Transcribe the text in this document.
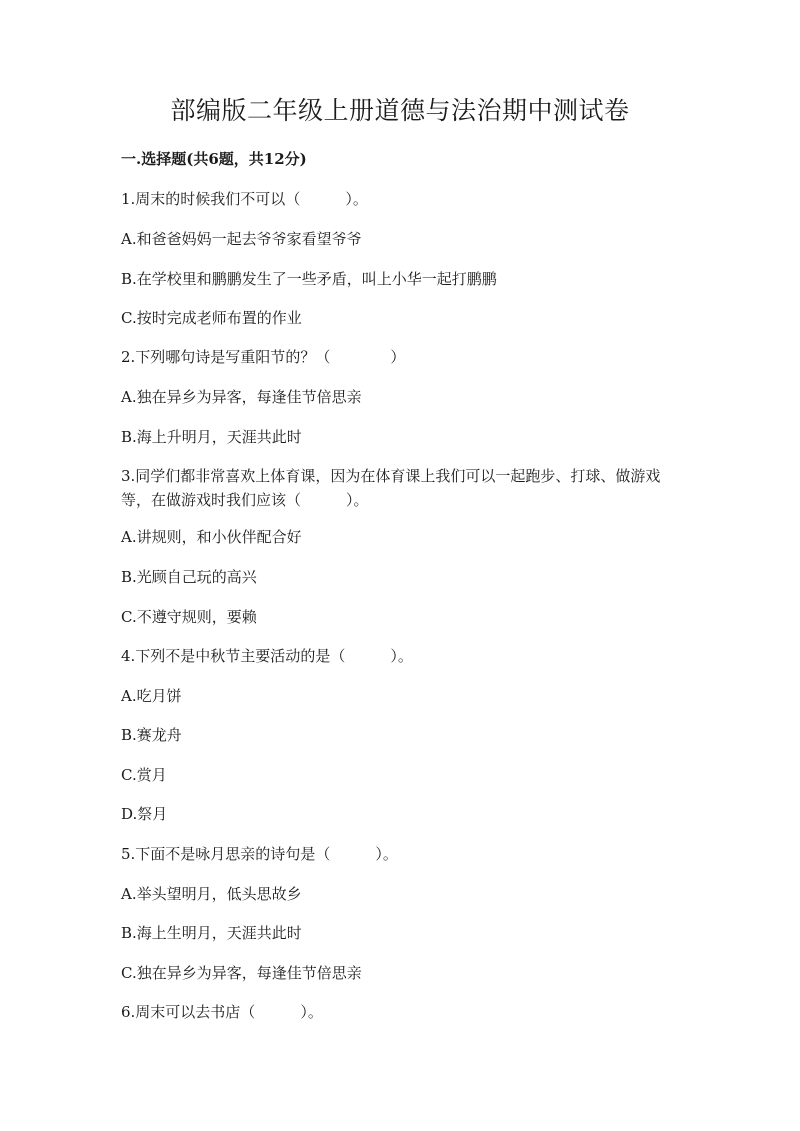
部编版二年级上册道德与法治期中测试卷
一.选择题(共6题，共12分)
1.周末的时候我们不可以（　　　）。
A.和爸爸妈妈一起去爷爷家看望爷爷
B.在学校里和鹏鹏发生了一些矛盾，叫上小华一起打鹏鹏
C.按时完成老师布置的作业
2.下列哪句诗是写重阳节的？（　　　　）
A.独在异乡为异客，每逢佳节倍思亲
B.海上升明月，天涯共此时
3.同学们都非常喜欢上体育课，因为在体育课上我们可以一起跑步、打球、做游戏等，在做游戏时我们应该（　　　）。
A.讲规则，和小伙伴配合好
B.光顾自己玩的高兴
C.不遵守规则，要赖
4.下列不是中秋节主要活动的是（　　　）。
A.吃月饼
B.赛龙舟
C.赏月
D.祭月
5.下面不是咏月思亲的诗句是（　　　）。
A.举头望明月，低头思故乡
B.海上生明月，天涯共此时
C.独在异乡为异客，每逢佳节倍思亲
6.周末可以去书店（　　　）。
